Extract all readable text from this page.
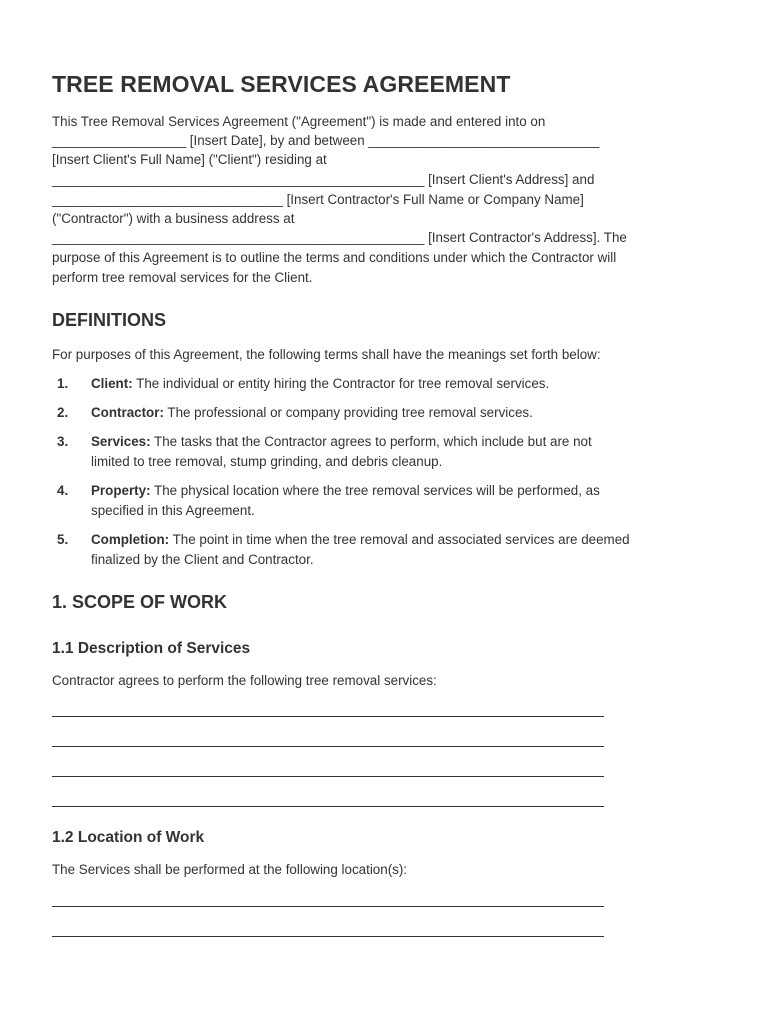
TREE REMOVAL SERVICES AGREEMENT
This Tree Removal Services Agreement ("Agreement") is made and entered into on
__________________ [Insert Date], by and between _______________________________
[Insert Client's Full Name] ("Client") residing at
__________________________________________________ [Insert Client's Address] and
_______________________________ [Insert Contractor's Full Name or Company Name]
("Contractor") with a business address at
__________________________________________________ [Insert Contractor's Address]. The
purpose of this Agreement is to outline the terms and conditions under which the Contractor will
perform tree removal services for the Client.
DEFINITIONS
For purposes of this Agreement, the following terms shall have the meanings set forth below:
1. Client: The individual or entity hiring the Contractor for tree removal services.
2. Contractor: The professional or company providing tree removal services.
3. Services: The tasks that the Contractor agrees to perform, which include but are not
limited to tree removal, stump grinding, and debris cleanup.
4. Property: The physical location where the tree removal services will be performed, as
specified in this Agreement.
5. Completion: The point in time when the tree removal and associated services are deemed
finalized by the Client and Contractor.
1. SCOPE OF WORK
1.1 Description of Services
Contractor agrees to perform the following tree removal services:
1.2 Location of Work
The Services shall be performed at the following location(s):
